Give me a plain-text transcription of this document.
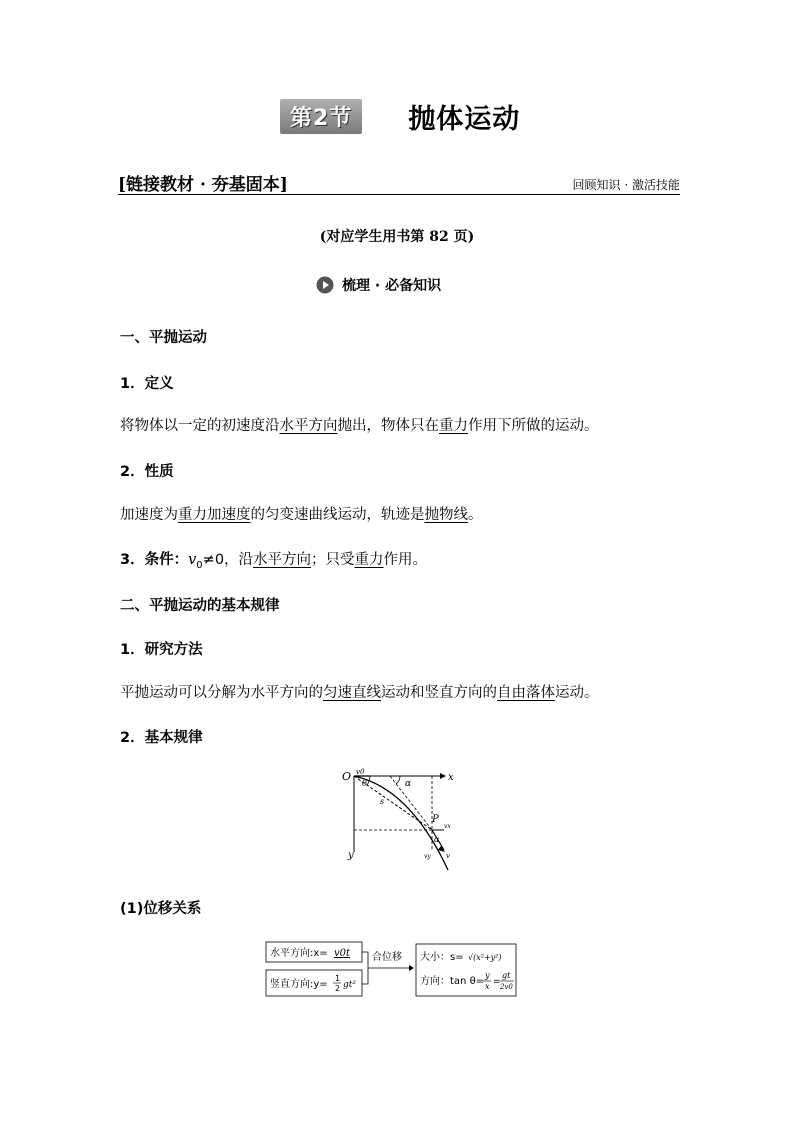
第2节	抛体运动
[链接教材 · 夯基固本]	回顾知识 · 激活技能
(对应学生用书第 82 页)
梳理 · 必备知识
一、平抛运动
1．定义
将物体以一定的初速度沿水平方向抛出，物体只在重力作用下所做的运动。
2．性质
加速度为重力加速度的匀变速曲线运动，轨迹是抛物线。
3．条件：$v_0\ne 0$，沿水平方向；只受重力作用。
二、平抛运动的基本规律
1．研究方法
平抛运动可以分解为水平方向的匀速直线运动和竖直方向的自由落体运动。
2．基本规律
O	x
y
v0
θ	α
s
P
vx
α
vy v
(1)位移关系
水平方向:x= v0t
竖直方向:y=
1
2 gt²
合位移 大小：s= √(x²+y²)
方向：tan θ=
y
x =
gt
2v0
